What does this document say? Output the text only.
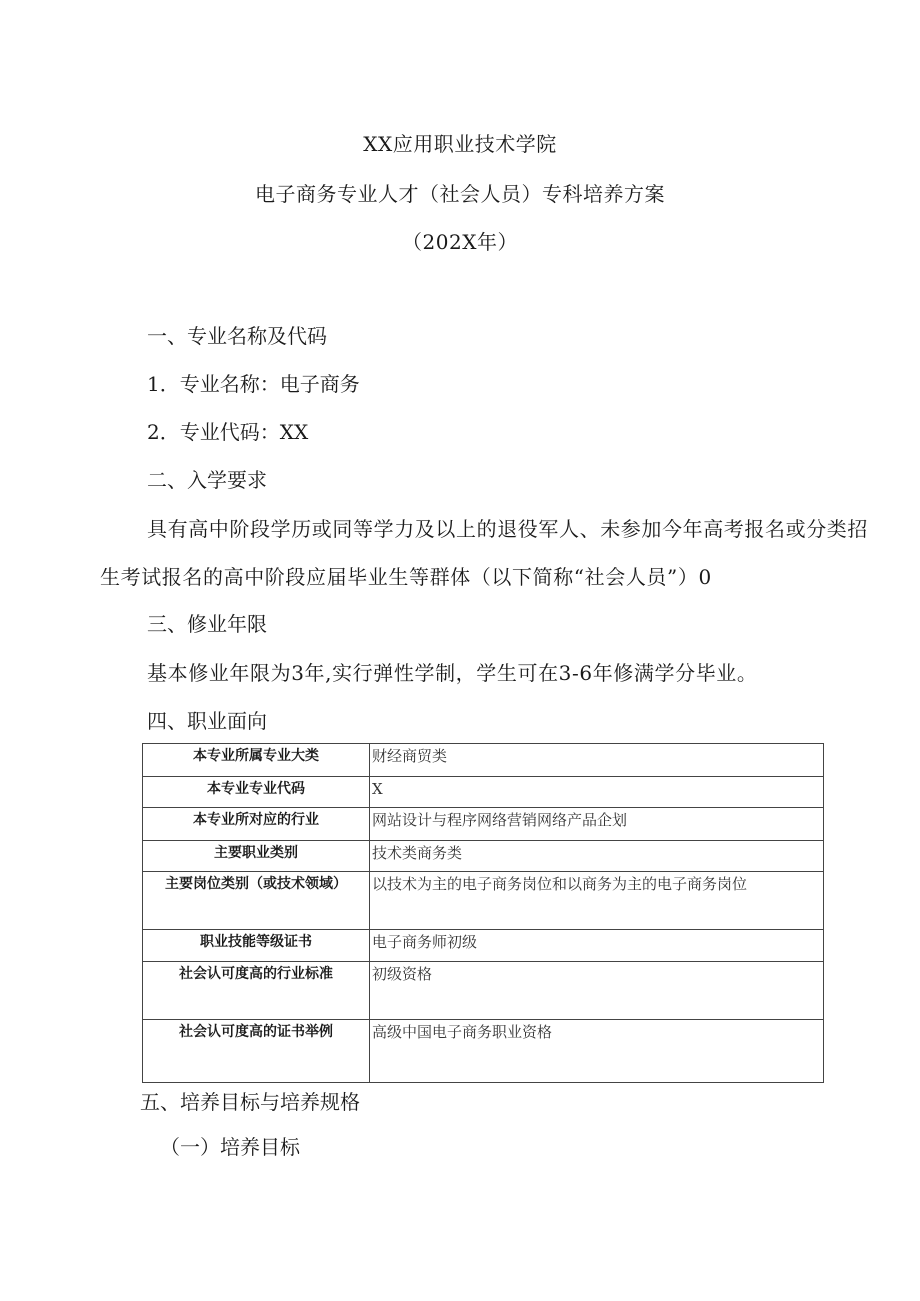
XX应用职业技术学院
电子商务专业人才（社会人员）专科培养方案
（202X年）
一、专业名称及代码
1．专业名称：电子商务
2．专业代码：XX
二、入学要求
具有高中阶段学历或同等学力及以上的退役军人、未参加今年高考报名或分类招
生考试报名的高中阶段应届毕业生等群体（以下简称“社会人员”）0
三、修业年限
基本修业年限为3年,实行弹性学制，学生可在3-6年修满学分毕业。
四、职业面向
本专业所属专业大类	财经商贸类
本专业专业代码	X
本专业所对应的行业	网站设计与程序网络营销网络产品企划
主要职业类别	技术类商务类
主要岗位类别（或技术领域）	以技术为主的电子商务岗位和以商务为主的电子商务岗位
职业技能等级证书	电子商务师初级
社会认可度高的行业标准	初级资格
社会认可度高的证书举例	高级中国电子商务职业资格
五、培养目标与培养规格
（一）培养目标
